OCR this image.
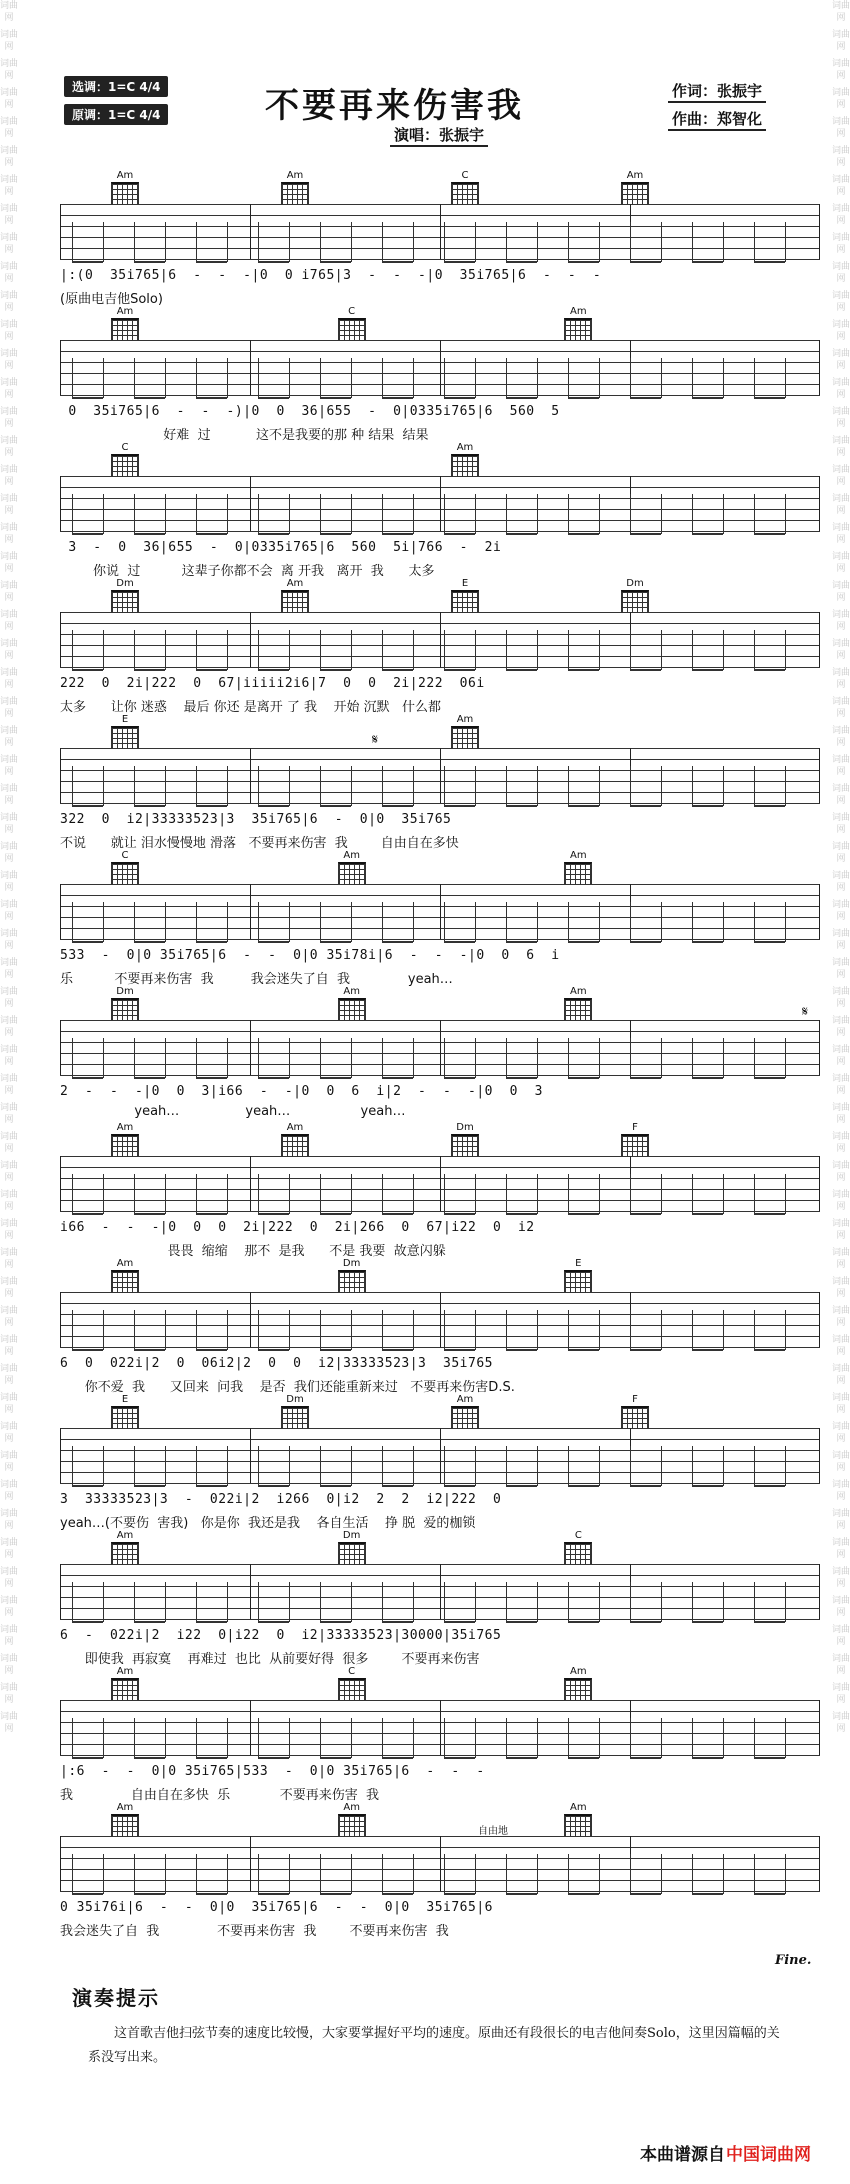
词曲网
词曲网
词曲网
词曲网
词曲网
词曲网
词曲网
词曲网
词曲网
词曲网
词曲网
词曲网
词曲网
词曲网
词曲网
词曲网
词曲网
词曲网
词曲网
词曲网
词曲网
词曲网
词曲网
词曲网
词曲网
词曲网
词曲网
词曲网
词曲网
词曲网
词曲网
词曲网
词曲网
词曲网
词曲网
词曲网
词曲网
词曲网
词曲网
词曲网
词曲网
词曲网
词曲网
词曲网
词曲网
词曲网
词曲网
词曲网
词曲网
词曲网
词曲网
词曲网
词曲网
词曲网
词曲网
词曲网
词曲网
词曲网
词曲网
词曲网
词曲网
词曲网
词曲网
词曲网
词曲网
词曲网
词曲网
词曲网
词曲网
词曲网
词曲网
词曲网
词曲网
词曲网
词曲网
词曲网
词曲网
词曲网
词曲网
词曲网
词曲网
词曲网
词曲网
词曲网
词曲网
词曲网
词曲网
词曲网
词曲网
词曲网
词曲网
词曲网
词曲网
词曲网
词曲网
词曲网
词曲网
词曲网
词曲网
词曲网
词曲网
词曲网
词曲网
词曲网
词曲网
词曲网
词曲网
词曲网
词曲网
词曲网
词曲网
词曲网
词曲网
词曲网
词曲网
词曲网
词曲网
词曲网
词曲网
词曲网
不要再来伤害我
选调：1=C 4/4
原调：1=C 4/4
作词：张振宇
作曲：郑智化
演唱：张振宇
Am	Am	C	Am
|:(0  35i765|6  -  -  -|0  0 i765|3  -  -  -|0  35i765|6  -  -  -
(原曲电吉他Solo)
Am	C	Am
0  35i765|6  -  -  -)|0  0  36|655  -  0|0335i765|6  560  5
好难  过           这不是我要的那 种 结果  结果
C	Am
3  -  0  36|655  -  0|0335i765|6  560  5i|766  -  2i
你说  过          这辈子你都不会  离 开我   离开  我      太多
Dm	Am	E	Dm
222  0  2i|222  0  67|iiiii2i6|7  0  0  2i|222  06i
太多      让你 迷惑    最后 你还 是离开 了 我    开始 沉默   什么都
E	Am
322  0  i2|33333523|3  35i765|6  -  0|0  35i765
不说      就让 泪水慢慢地 滑落   不要再来伤害  我        自由自在多快
𝄋
C	Am	Am
533  -  0|0 35i765|6  -  -  0|0 35i78i|6  -  -  -|0  0  6  i
乐          不要再来伤害  我         我会迷失了自  我              yeah…
Dm	Am	Am
2  -  -  -|0  0  3|i66  -  -|0  0  6  i|2  -  -  -|0  0  3
yeah…                yeah…                 yeah…
𝄋
Am	Am	Dm	F
i66  -  -  -|0  0  0  2i|222  0  2i|266  0  67|i22  0  i2
畏畏  缩缩    那不  是我      不是 我要  故意闪躲
Am	Dm	E
6  0  022i|2  0  06i2|2  0  0  i2|33333523|3  35i765
你不爱  我      又回来  问我    是否  我们还能重新来过   不要再来伤害D.S.
E	Dm	Am	F
3  33333523|3  -  022i|2  i266  0|i2  2  2  i2|222  0
yeah…(不要伤  害我)   你是你  我还是我    各自生活    挣 脱  爱的枷锁
Am	Dm	C
6  -  022i|2  i22  0|i22  0  i2|33333523|30000|35i765
即使我  再寂寞    再难过  也比  从前要好得  很多        不要再来伤害
Am	C	Am
|:6  -  -  0|0 35i765|533  -  0|0 35i765|6  -  -  -
我              自由自在多快  乐            不要再来伤害  我
Am	Am	Am
0 35i76i|6  -  -  0|0  35i765|6  -  -  0|0  35i765|6
我会迷失了自  我              不要再来伤害  我        不要再来伤害  我
自由地
Fine.
演奏提示
这首歌吉他扫弦节奏的速度比较慢，大家要掌握好平均的速度。原曲还有段很长的电吉他间奏Solo，这里因篇幅的关系没写出来。
本曲谱源自 中国词曲网
